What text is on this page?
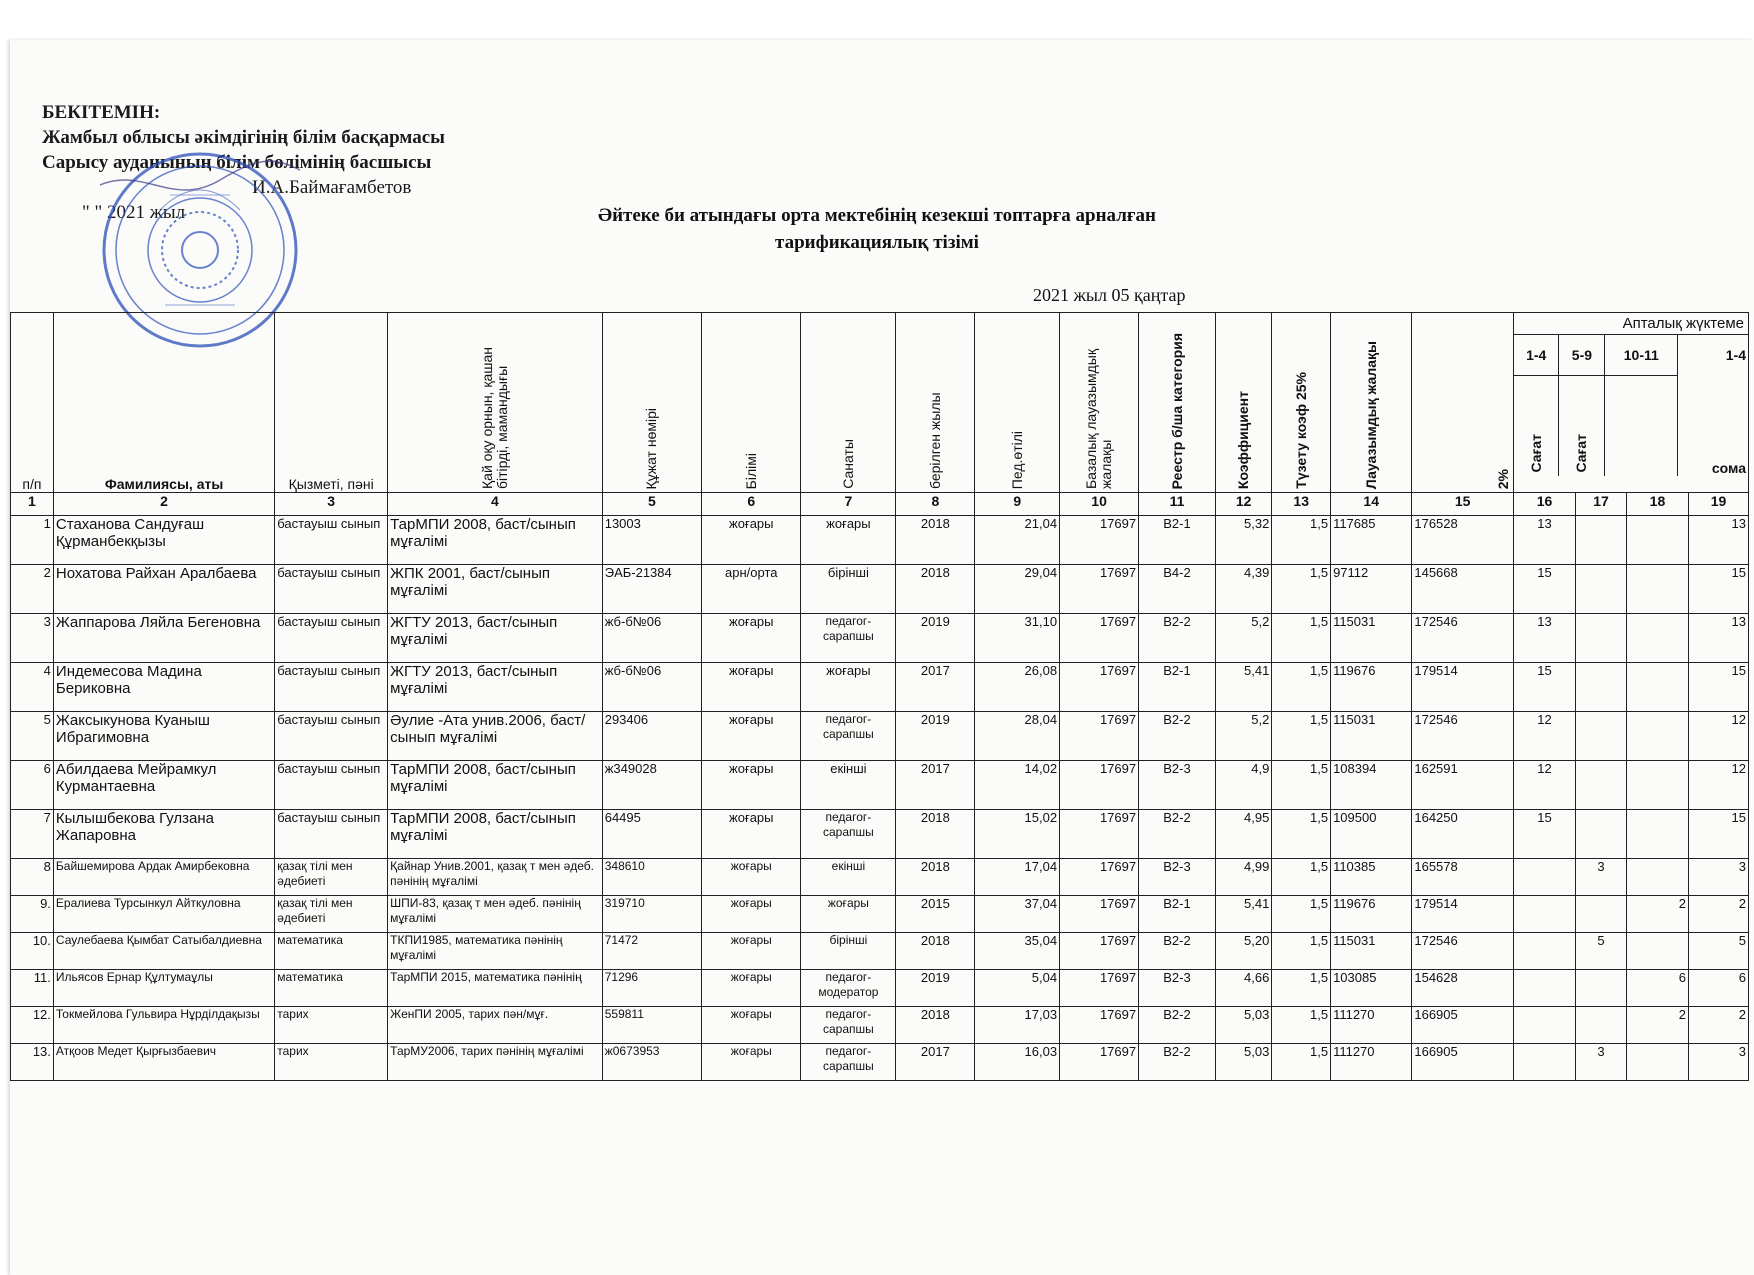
БЕКІТЕМІН:
Жамбыл облысы әкімдігінің білім басқармасы
Сарысу ауданының білім бөлімінің басшысы
И.А.Баймағамбетов
" " 2021 жыл	Әйтеке би атындағы орта мектебінің кезекші топтарға арналған
тарификациялық тізімі
2021 жыл 05 қаңтар
п/п	Фамилиясы, аты	Қызметі, пәні	Қай оқу орнын, қашан бітірді, мамандығы	Құжат нөмірі	Білімі	Санаты	берілген жылы	Пед.өтілі	Базалық лауазымдық жалақы	Реестр б/ша категория	Коэффициент	Түзету коэф 25%	Лауазымдық жалақы	2%	
Апталық жүктеме
1-4	5-9	10-11	1-4
Сағат	Сағат		сома

1	2	3	4	5	6	7	8	9	10	11	12	13	14	15	16	17	18	19
1	Стаханова Сандуғаш Құрманбекқызы	бастауыш сынып	ТарМПИ 2008, баст/сынып мұғалімі	13003	жоғары	жоғары	2018	21,04	17697	В2-1	5,32	1,5	117685	176528	13			13
2	Нохатова Райхан Аралбаева	бастауыш сынып	ЖПК 2001, баст/сынып мұғалімі	ЭАБ-21384	арн/орта	бірінші	2018	29,04	17697	В4-2	4,39	1,5	97112	145668	15			15
3	Жаппарова Ляйла Бегеновна	бастауыш сынып	ЖГТУ 2013, баст/сынып мұғалімі	жб-б№06	жоғары	педагог-сарапшы	2019	31,10	17697	В2-2	5,2	1,5	115031	172546	13			13
4	Индемесова Мадина Бериковна	бастауыш сынып	ЖГТУ 2013, баст/сынып мұғалімі	жб-б№06	жоғары	жоғары	2017	26,08	17697	В2-1	5,41	1,5	119676	179514	15			15
5	Жаксыкунова Куаныш Ибрагимовна	бастауыш сынып	Әулие -Ата унив.2006, баст/сынып мұғалімі	293406	жоғары	педагог-сарапшы	2019	28,04	17697	В2-2	5,2	1,5	115031	172546	12			12
6	Абилдаева Мейрамкул Курмантаевна	бастауыш сынып	ТарМПИ 2008, баст/сынып мұғалімі	ж349028	жоғары	екінші	2017	14,02	17697	В2-3	4,9	1,5	108394	162591	12			12
7	Кылышбекова Гулзана Жапаровна	бастауыш сынып	ТарМПИ 2008, баст/сынып мұғалімі	64495	жоғары	педагог-сарапшы	2018	15,02	17697	В2-2	4,95	1,5	109500	164250	15			15
8	Байшемирова Ардак Амирбековна	қазақ тілі мен әдебиеті	Қайнар Унив.2001, қазақ т мен әдеб. пәнінің мұғалімі	348610	жоғары	екінші	2018	17,04	17697	В2-3	4,99	1,5	110385	165578		3		3
9.	Ералиева Турсынкул Айткуловна	қазақ тілі мен әдебиеті	ШПИ-83, қазақ т мен әдеб. пәнінің мұғалімі	319710	жоғары	жоғары	2015	37,04	17697	В2-1	5,41	1,5	119676	179514			2	2
10.	Саулебаева Қымбат Сатыбалдиевна	математика	ТКПИ1985, математика пәнінің мұғалімі	71472	жоғары	бірінші	2018	35,04	17697	В2-2	5,20	1,5	115031	172546		5		5
11.	Ильясов Ернар Құлтумаұлы	математика	ТарМПИ 2015, математика пәнінің	71296	жоғары	педагог-модератор	2019	5,04	17697	В2-3	4,66	1,5	103085	154628			6	6
12.	Токмейлова Гульвира Нұрділдақызы	тарих	ЖенПИ 2005, тарих пән/мұғ.	559811	жоғары	педагог-сарапшы	2018	17,03	17697	В2-2	5,03	1,5	111270	166905			2	2
13.	Атқоов Медет Қырғызбаевич	тарих	ТарМУ2006, тарих пәнінің мұғалімі	ж0673953	жоғары	педагог-сарапшы	2017	16,03	17697	В2-2	5,03	1,5	111270	166905		3		3
